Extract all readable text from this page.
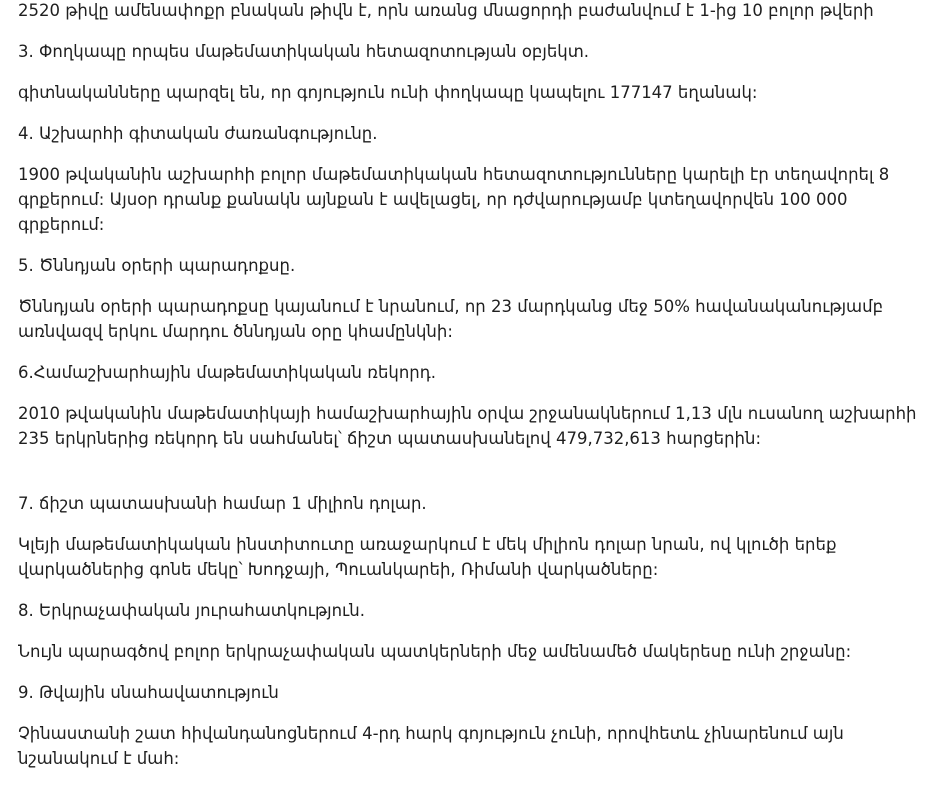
2520 թիվը ամենափոքր բնական թիվն է, որն առանց մնացորդի բաժանվում է 1-ից 10 բոլոր թվերի
3. Փողկապը որպես մաթեմատիկական հետազոտության օբյեկտ.
գիտնականները պարզել են, որ գոյություն ունի փողկապը կապելու 177147 եղանակ:
4. Աշխարհի գիտական ժառանգությունը.
1900 թվականին աշխարհի բոլոր մաթեմատիկական հետազոտությունները կարելի էր տեղավորել 8
գրքերում: Այսօր դրանք քանակն այնքան է ավելացել, որ դժվարությամբ կտեղավորվեն 100 000
գրքերում:
5. Ծննդյան օրերի պարադոքսը.
Ծննդյան օրերի պարադոքսը կայանում է նրանում, որ 23 մարդկանց մեջ 50% հավանականությամբ
առնվազվ երկու մարդու ծննդյան օրը կհամընկնի:
6.Համաշխարհային մաթեմատիկական ռեկորդ.
2010 թվականին մաթեմատիկայի համաշխարհային օրվա շրջանակներում 1,13 մլն ուսանող աշխարհի
235 երկրներից ռեկորդ են սահմանել՝ ճիշտ պատասխանելով 479,732,613 հարցերին:
7. ճիշտ պատասխանի համար 1 միլիոն դոլար.
Կլեյի մաթեմատիկական ինստիտուտը առաջարկում է մեկ միլիոն դոլար նրան, ով կլուծի երեք
վարկածներից գոնե մեկը՝ Խոդջայի, Պուանկարեի, Ռիմանի վարկածները:
8. Երկրաչափական յուրահատկություն.
Նույն պարագծով բոլոր երկրաչափական պատկերների մեջ ամենամեծ մակերեսը ունի շրջանը:
9. Թվային սնահավատություն
Չինաստանի շատ հիվանդանոցներում 4-րդ հարկ գոյություն չունի, որովհետև չինարենում այն
նշանակում է մահ:
